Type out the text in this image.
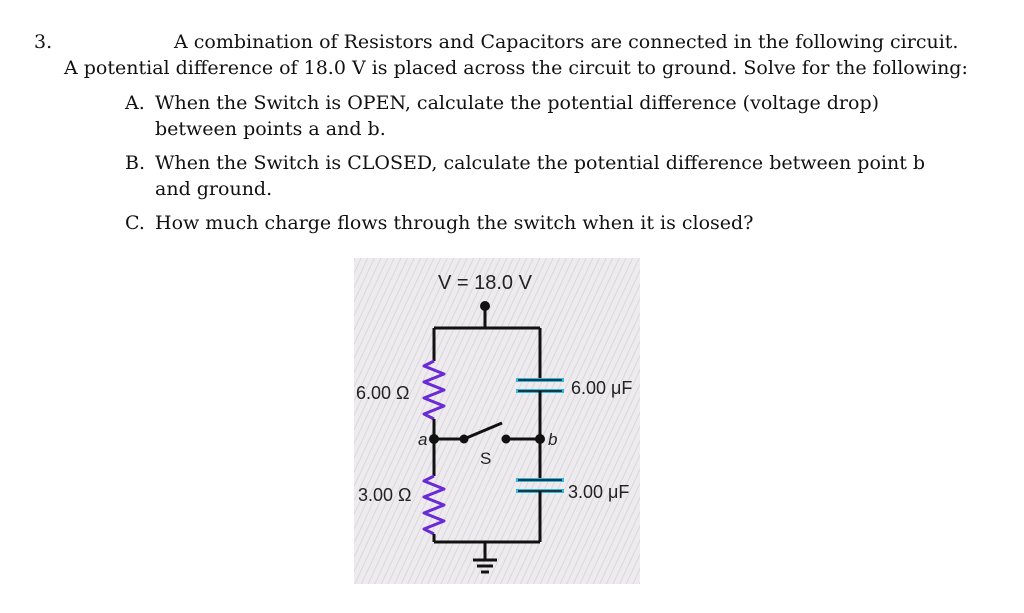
3.	A combination of Resistors and Capacitors are connected in the following circuit.
A potential difference of 18.0 V is placed across the circuit to ground. Solve for the following:
A. When the Switch is OPEN, calculate the potential difference (voltage drop) between points a and b.
B. When the Switch is CLOSED, calculate the potential difference between point b and ground.
C. How much charge flows through the switch when it is closed?
V = 18.0 V
6.00 Ω
3.00 Ω
6.00 μF
3.00 μF
S
a	b
